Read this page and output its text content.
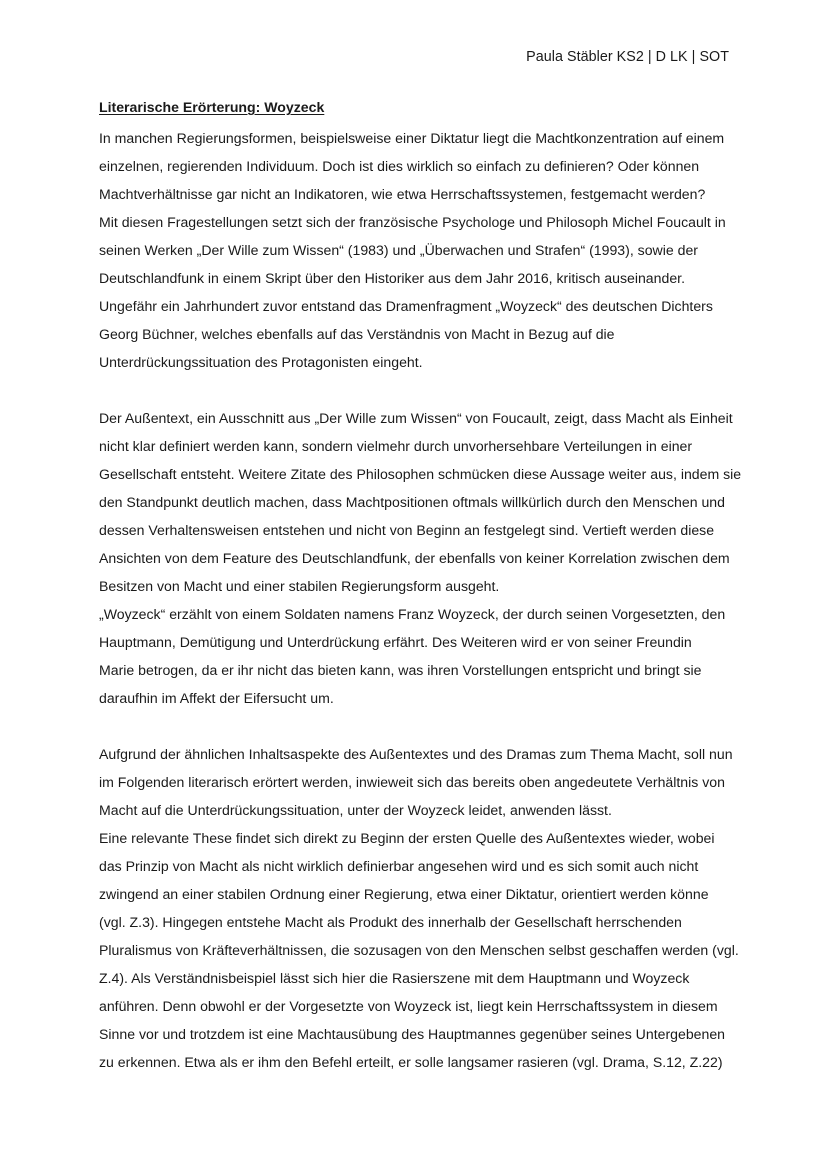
Paula Stäbler KS2 | D LK | SOT
Literarische Erörterung: Woyzeck
In manchen Regierungsformen, beispielsweise einer Diktatur liegt die Machtkonzentration auf einem
einzelnen, regierenden Individuum. Doch ist dies wirklich so einfach zu definieren? Oder können
Machtverhältnisse gar nicht an Indikatoren, wie etwa Herrschaftssystemen, festgemacht werden?
Mit diesen Fragestellungen setzt sich der französische Psychologe und Philosoph Michel Foucault in
seinen Werken „Der Wille zum Wissen“ (1983) und „Überwachen und Strafen“ (1993), sowie der
Deutschlandfunk in einem Skript über den Historiker aus dem Jahr 2016, kritisch auseinander.
Ungefähr ein Jahrhundert zuvor entstand das Dramenfragment „Woyzeck“ des deutschen Dichters
Georg Büchner, welches ebenfalls auf das Verständnis von Macht in Bezug auf die
Unterdrückungssituation des Protagonisten eingeht.
Der Außentext, ein Ausschnitt aus „Der Wille zum Wissen“ von Foucault, zeigt, dass Macht als Einheit
nicht klar definiert werden kann, sondern vielmehr durch unvorhersehbare Verteilungen in einer
Gesellschaft entsteht. Weitere Zitate des Philosophen schmücken diese Aussage weiter aus, indem sie
den Standpunkt deutlich machen, dass Machtpositionen oftmals willkürlich durch den Menschen und
dessen Verhaltensweisen entstehen und nicht von Beginn an festgelegt sind. Vertieft werden diese
Ansichten von dem Feature des Deutschlandfunk, der ebenfalls von keiner Korrelation zwischen dem
Besitzen von Macht und einer stabilen Regierungsform ausgeht.
„Woyzeck“ erzählt von einem Soldaten namens Franz Woyzeck, der durch seinen Vorgesetzten, den
Hauptmann, Demütigung und Unterdrückung erfährt. Des Weiteren wird er von seiner Freundin
Marie betrogen, da er ihr nicht das bieten kann, was ihren Vorstellungen entspricht und bringt sie
daraufhin im Affekt der Eifersucht um.
Aufgrund der ähnlichen Inhaltsaspekte des Außentextes und des Dramas zum Thema Macht, soll nun
im Folgenden literarisch erörtert werden, inwieweit sich das bereits oben angedeutete Verhältnis von
Macht auf die Unterdrückungssituation, unter der Woyzeck leidet, anwenden lässt.
Eine relevante These findet sich direkt zu Beginn der ersten Quelle des Außentextes wieder, wobei
das Prinzip von Macht als nicht wirklich definierbar angesehen wird und es sich somit auch nicht
zwingend an einer stabilen Ordnung einer Regierung, etwa einer Diktatur, orientiert werden könne
(vgl. Z.3). Hingegen entstehe Macht als Produkt des innerhalb der Gesellschaft herrschenden
Pluralismus von Kräfteverhältnissen, die sozusagen von den Menschen selbst geschaffen werden (vgl.
Z.4). Als Verständnisbeispiel lässt sich hier die Rasierszene mit dem Hauptmann und Woyzeck
anführen. Denn obwohl er der Vorgesetzte von Woyzeck ist, liegt kein Herrschaftssystem in diesem
Sinne vor und trotzdem ist eine Machtausübung des Hauptmannes gegenüber seines Untergebenen
zu erkennen. Etwa als er ihm den Befehl erteilt, er solle langsamer rasieren (vgl. Drama, S.12, Z.22)
